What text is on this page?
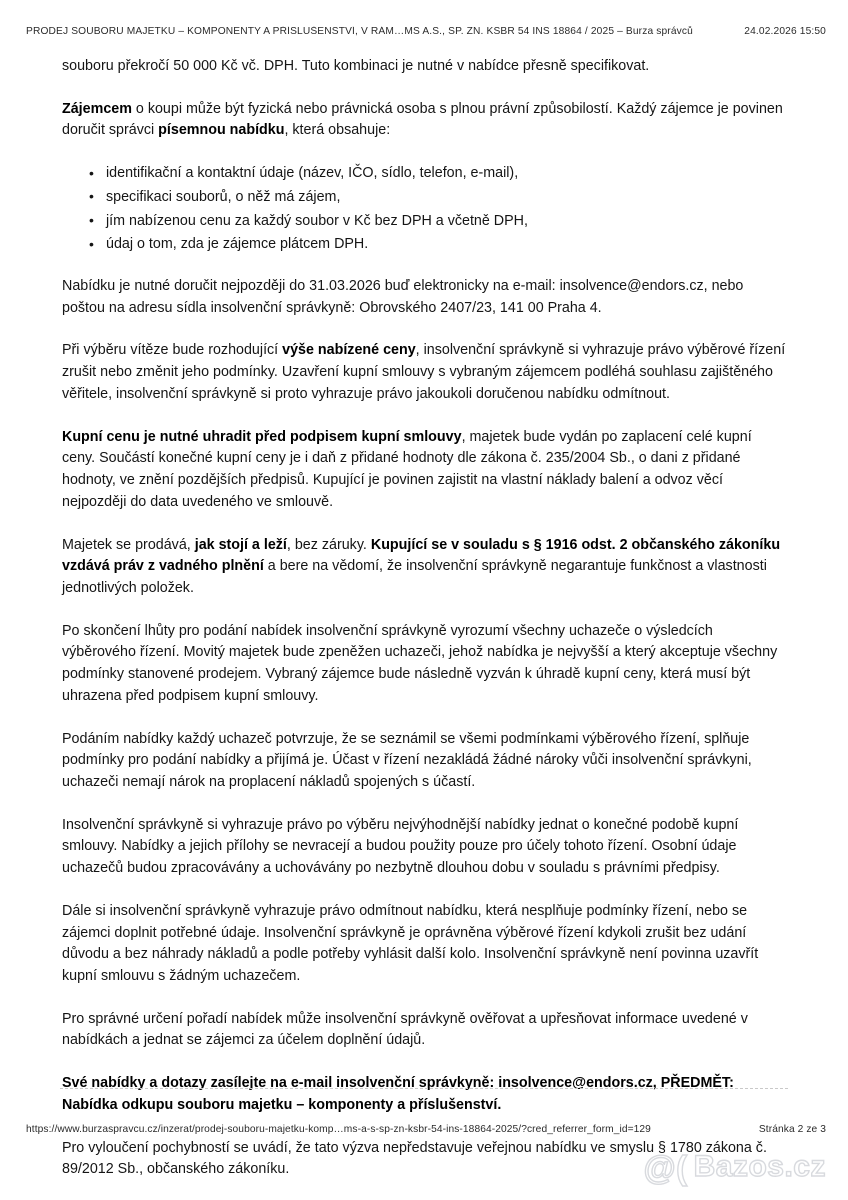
PRODEJ SOUBORU MAJETKU – KOMPONENTY A PŘÍSLUŠENSTVÍ, V RÁM…MS A.S., SP. ZN. KSBR 54 INS 18864 / 2025 – Burza správců	24.02.2026 15:50

souboru překročí 50 000 Kč vč. DPH. Tuto kombinaci je nutné v nabídce přesně specifikovat.

Zájemcem o koupi může být fyzická nebo právnická osoba s plnou právní způsobilostí. Každý zájemce je povinen doručit správci písemnou nabídku, která obsahuje:

• identifikační a kontaktní údaje (název, IČO, sídlo, telefon, e-mail),
• specifikaci souborů, o něž má zájem,
• jím nabízenou cenu za každý soubor v Kč bez DPH a včetně DPH,
• údaj o tom, zda je zájemce plátcem DPH.

Nabídku je nutné doručit nejpozději do 31.03.2026 buď elektronicky na e-mail: insolvence@endors.cz, nebo poštou na adresu sídla insolvenční správkyně: Obrovského 2407/23, 141 00 Praha 4.

Při výběru vítěze bude rozhodující výše nabízené ceny, insolvenční správkyně si vyhrazuje právo výběrové řízení zrušit nebo změnit jeho podmínky. Uzavření kupní smlouvy s vybraným zájemcem podléhá souhlasu zajištěného věřitele, insolvenční správkyně si proto vyhrazuje právo jakoukoli doručenou nabídku odmítnout.

Kupní cenu je nutné uhradit před podpisem kupní smlouvy, majetek bude vydán po zaplacení celé kupní ceny. Součástí konečné kupní ceny je i daň z přidané hodnoty dle zákona č. 235/2004 Sb., o dani z přidané hodnoty, ve znění pozdějších předpisů. Kupující je povinen zajistit na vlastní náklady balení a odvoz věcí nejpozději do data uvedeného ve smlouvě.

Majetek se prodává, jak stojí a leží, bez záruky. Kupující se v souladu s § 1916 odst. 2 občanského zákoníku vzdává práv z vadného plnění a bere na vědomí, že insolvenční správkyně negarantuje funkčnost a vlastnosti jednotlivých položek.

Po skončení lhůty pro podání nabídek insolvenční správkyně vyrozumí všechny uchazeče o výsledcích výběrového řízení. Movitý majetek bude zpeněžen uchazeči, jehož nabídka je nejvyšší a který akceptuje všechny podmínky stanovené prodejem. Vybraný zájemce bude následně vyzván k úhradě kupní ceny, která musí být uhrazena před podpisem kupní smlouvy.

Podáním nabídky každý uchazeč potvrzuje, že se seznámil se všemi podmínkami výběrového řízení, splňuje podmínky pro podání nabídky a přijímá je. Účast v řízení nezakládá žádné nároky vůči insolvenční správkyni, uchazeči nemají nárok na proplacení nákladů spojených s účastí.

Insolvenční správkyně si vyhrazuje právo po výběru nejvýhodnější nabídky jednat o konečné podobě kupní smlouvy. Nabídky a jejich přílohy se nevracejí a budou použity pouze pro účely tohoto řízení. Osobní údaje uchazečů budou zpracovávány a uchovávány po nezbytně dlouhou dobu v souladu s právními předpisy.

Dále si insolvenční správkyně vyhrazuje právo odmítnout nabídku, která nesplňuje podmínky řízení, nebo se zájemci doplnit potřebné údaje. Insolvenční správkyně je oprávněna výběrové řízení kdykoli zrušit bez udání důvodu a bez náhrady nákladů a podle potřeby vyhlásit další kolo. Insolvenční správkyně není povinna uzavřít kupní smlouvu s žádným uchazečem.

Pro správné určení pořadí nabídek může insolvenční správkyně ověřovat a upřesňovat informace uvedené v nabídkách a jednat se zájemci za účelem doplnění údajů.

Své nabídky a dotazy zasílejte na e-mail insolvenční správkyně: insolvence@endors.cz, PŘEDMĚT: Nabídka odkupu souboru majetku – komponenty a příslušenství.

Pro vyloučení pochybností se uvádí, že tato výzva nepředstavuje veřejnou nabídku ve smyslu § 1780 zákona č. 89/2012 Sb., občanského zákoníku.

https://www.burzaspravcu.cz/inzerat/prodej-souboru-majetku-komp…ms-a-s-sp-zn-ksbr-54-ins-18864-2025/?cred_referrer_form_id=129	Stránka 2 ze 3
@( Bazos.cz
